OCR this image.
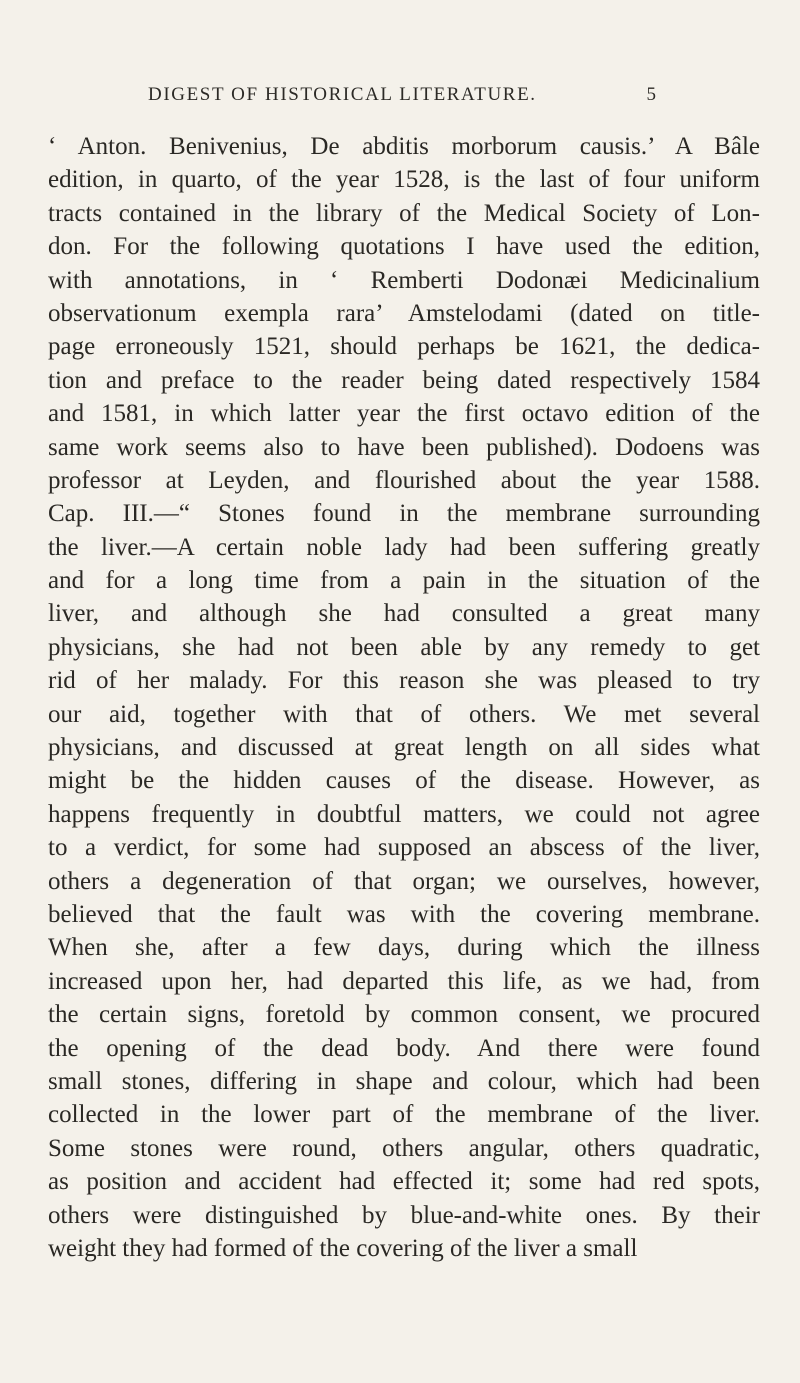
DIGEST OF HISTORICAL LITERATURE.	5
‘ Anton. Benivenius, De abditis morborum causis.’ A Bâle
edition, in quarto, of the year 1528, is the last of four uniform
tracts contained in the library of the Medical Society of Lon-
don. For the following quotations I have used the edition,
with annotations, in ‘ Remberti Dodonæi Medicinalium
observationum exempla rara’ Amstelodami (dated on title-
page erroneously 1521, should perhaps be 1621, the dedica-
tion and preface to the reader being dated respectively 1584
and 1581, in which latter year the first octavo edition of the
same work seems also to have been published). Dodoens was
professor at Leyden, and flourished about the year 1588.
Cap. III.—“ Stones found in the membrane surrounding
the liver.—A certain noble lady had been suffering greatly
and for a long time from a pain in the situation of the
liver, and although she had consulted a great many
physicians, she had not been able by any remedy to get
rid of her malady. For this reason she was pleased to try
our aid, together with that of others. We met several
physicians, and discussed at great length on all sides what
might be the hidden causes of the disease. However, as
happens frequently in doubtful matters, we could not agree
to a verdict, for some had supposed an abscess of the liver,
others a degeneration of that organ; we ourselves, however,
believed that the fault was with the covering membrane.
When she, after a few days, during which the illness
increased upon her, had departed this life, as we had, from
the certain signs, foretold by common consent, we procured
the opening of the dead body. And there were found
small stones, differing in shape and colour, which had been
collected in the lower part of the membrane of the liver.
Some stones were round, others angular, others quadratic,
as position and accident had effected it; some had red spots,
others were distinguished by blue-and-white ones. By their
weight they had formed of the covering of the liver a small
